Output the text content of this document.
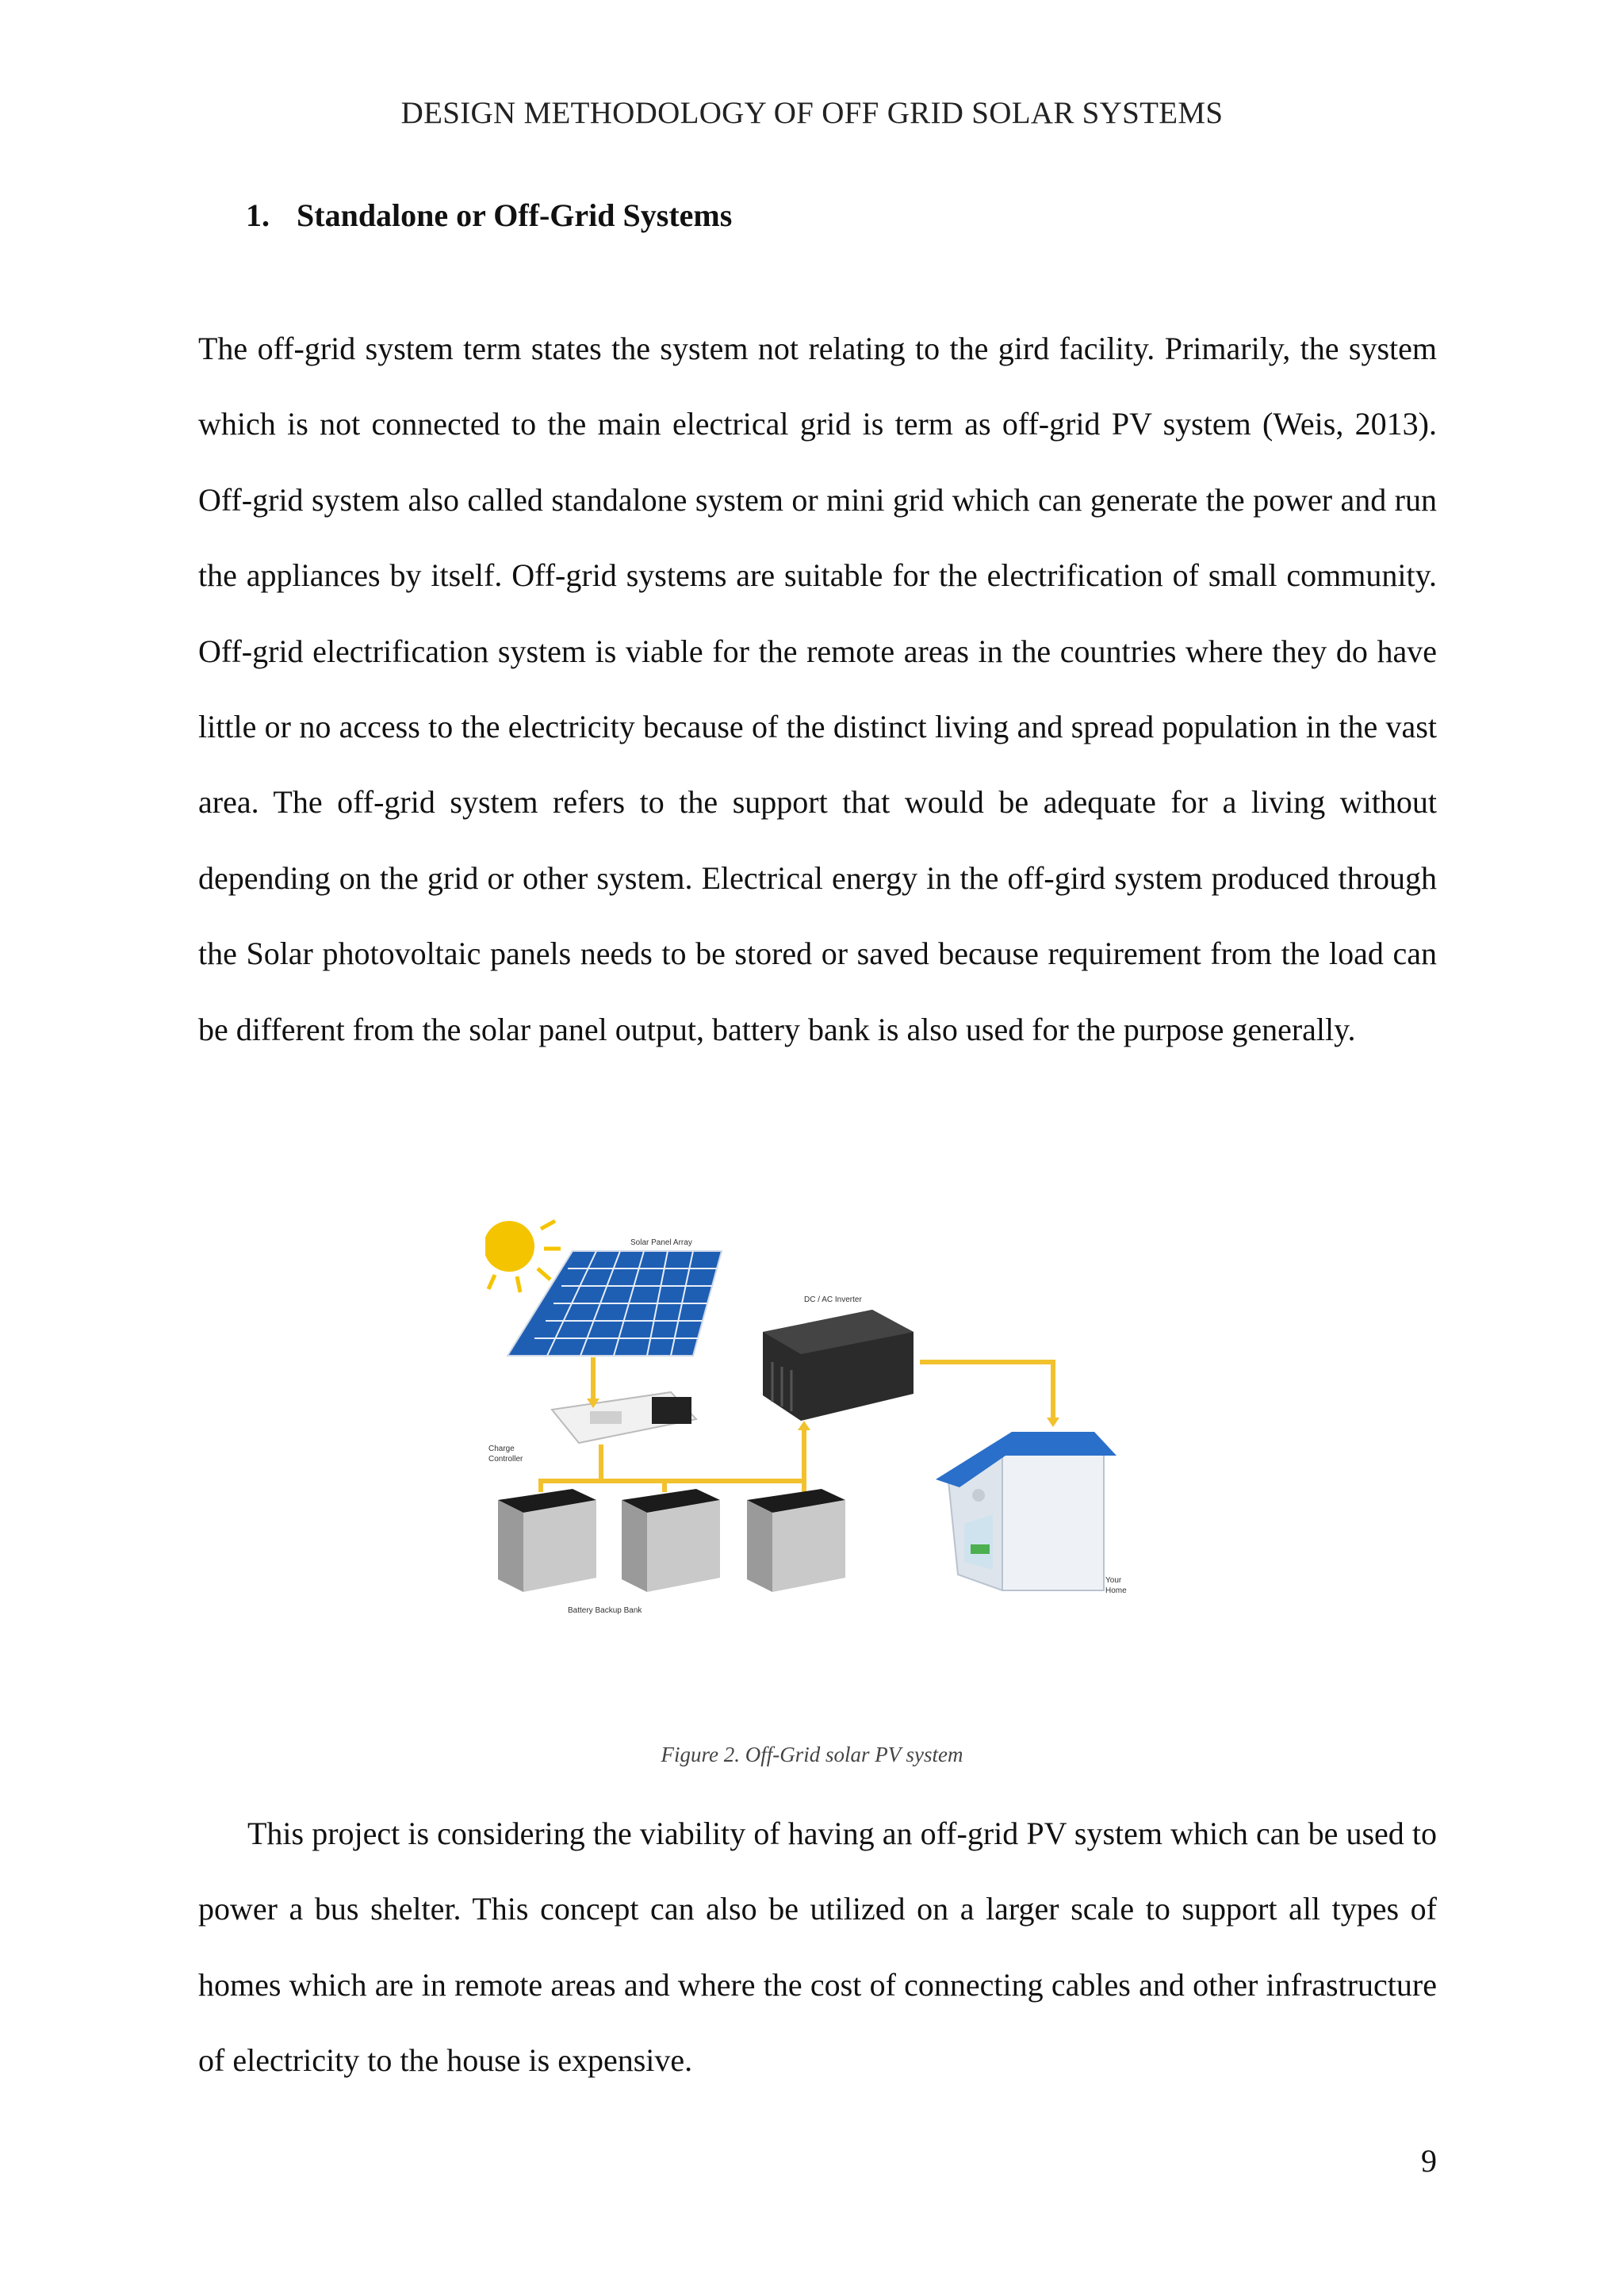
DESIGN METHODOLOGY OF OFF GRID SOLAR SYSTEMS
1. Standalone or Off-Grid Systems

The off-grid system term states the system not relating to the gird facility. Primarily, the system which is not connected to the main electrical grid is term as off-grid PV system (Weis, 2013). Off-grid system also called standalone system or mini grid which can generate the power and run the appliances by itself. Off-grid systems are suitable for the electrification of small community. Off-grid electrification system is viable for the remote areas in the countries where they do have little or no access to the electricity because of the distinct living and spread population in the vast area. The off-grid system refers to the support that would be adequate for a living without depending on the grid or other system. Electrical energy in the off-gird system produced through the Solar photovoltaic panels needs to be stored or saved because requirement from the load can be different from the solar panel output, battery bank is also used for the purpose generally.

Solar Panel Array
DC / AC Inverter
Charge
Controller
Battery Backup Bank
Your
Home
Figure 2. Off-Grid solar PV system

This project is considering the viability of having an off-grid PV system which can be used to power a bus shelter. This concept can also be utilized on a larger scale to support all types of homes which are in remote areas and where the cost of connecting cables and other infrastructure of electricity to the house is expensive.

9
